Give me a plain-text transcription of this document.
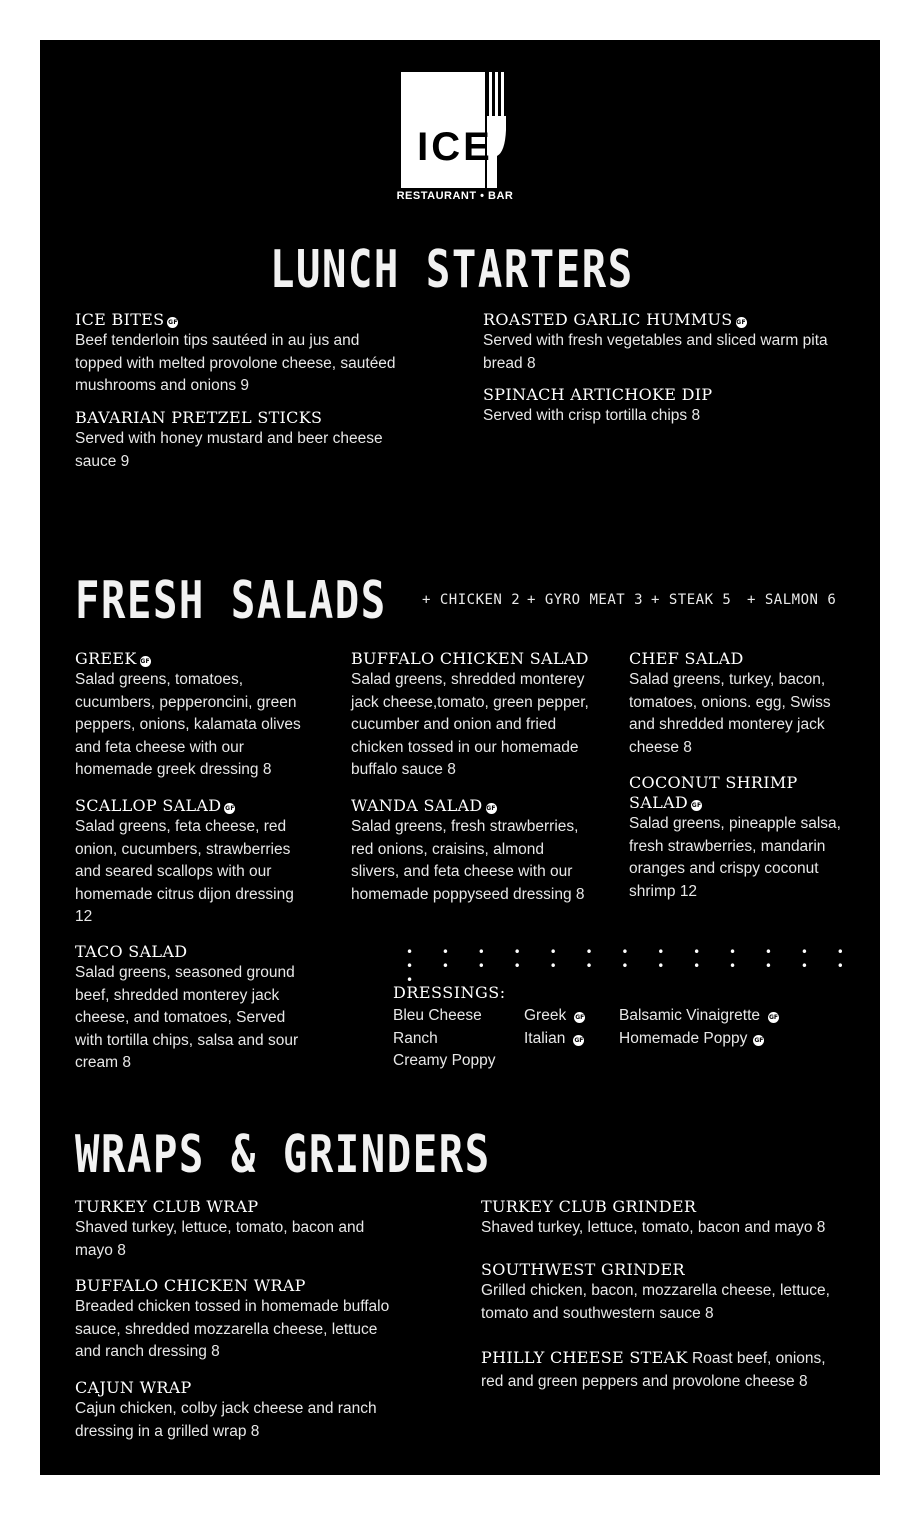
ICE
RESTAURANT • BAR
LUNCH STARTERS
ICE BITES GF
Beef tenderloin tips sautéed in au jus and topped with melted provolone cheese, sautéed mushrooms and onions 9
BAVARIAN PRETZEL STICKS
Served with honey mustard and beer cheese sauce 9
ROASTED GARLIC HUMMUS GF
Served with fresh vegetables and sliced warm pita bread 8
SPINACH ARTICHOKE DIP
Served with crisp tortilla chips 8
FRESH SALADS	+ CHICKEN 2 + GYRO MEAT 3 + STEAK 5 + SALMON 6
GREEK GF
Salad greens, tomatoes, cucumbers, pepperoncini, green peppers, onions, kalamata olives and feta cheese with our homemade greek dressing 8
SCALLOP SALAD GF
Salad greens, feta cheese, red onion, cucumbers, strawberries and seared scallops with our homemade citrus dijon dressing 12
TACO SALAD
Salad greens, seasoned ground beef, shredded monterey jack cheese, and tomatoes, Served with tortilla chips, salsa and sour cream 8
BUFFALO CHICKEN SALAD
Salad greens, shredded monterey jack cheese,tomato, green pepper, cucumber and onion and fried chicken tossed in our homemade buffalo sauce 8
WANDA SALAD GF
Salad greens, fresh strawberries, red onions, craisins, almond slivers, and feta cheese with our homemade poppyseed dressing 8
CHEF SALAD
Salad greens, turkey, bacon, tomatoes, onions. egg, Swiss and shredded monterey jack cheese 8
COCONUT SHRIMP SALAD GF
Salad greens, pineapple salsa, fresh strawberries, mandarin oranges and crispy coconut shrimp 12
• • • • • • • • • • • • • • • • • • • • • • • • • • •
DRESSINGS:
Bleu Cheese
Ranch
Creamy Poppy
Greek GF
Italian GF
Balsamic Vinaigrette GF
Homemade Poppy GF
WRAPS & GRINDERS
TURKEY CLUB WRAP
Shaved turkey, lettuce, tomato, bacon and mayo 8
BUFFALO CHICKEN WRAP
Breaded chicken tossed in homemade buffalo sauce, shredded mozzarella cheese, lettuce and ranch dressing 8
CAJUN WRAP
Cajun chicken, colby jack cheese and ranch dressing in a grilled wrap 8
TURKEY CLUB GRINDER
Shaved turkey, lettuce, tomato, bacon and mayo 8
SOUTHWEST GRINDER
Grilled chicken, bacon, mozzarella cheese, lettuce, tomato and southwestern sauce 8
PHILLY CHEESE STEAK Roast beef, onions, red and green peppers and provolone cheese 8
